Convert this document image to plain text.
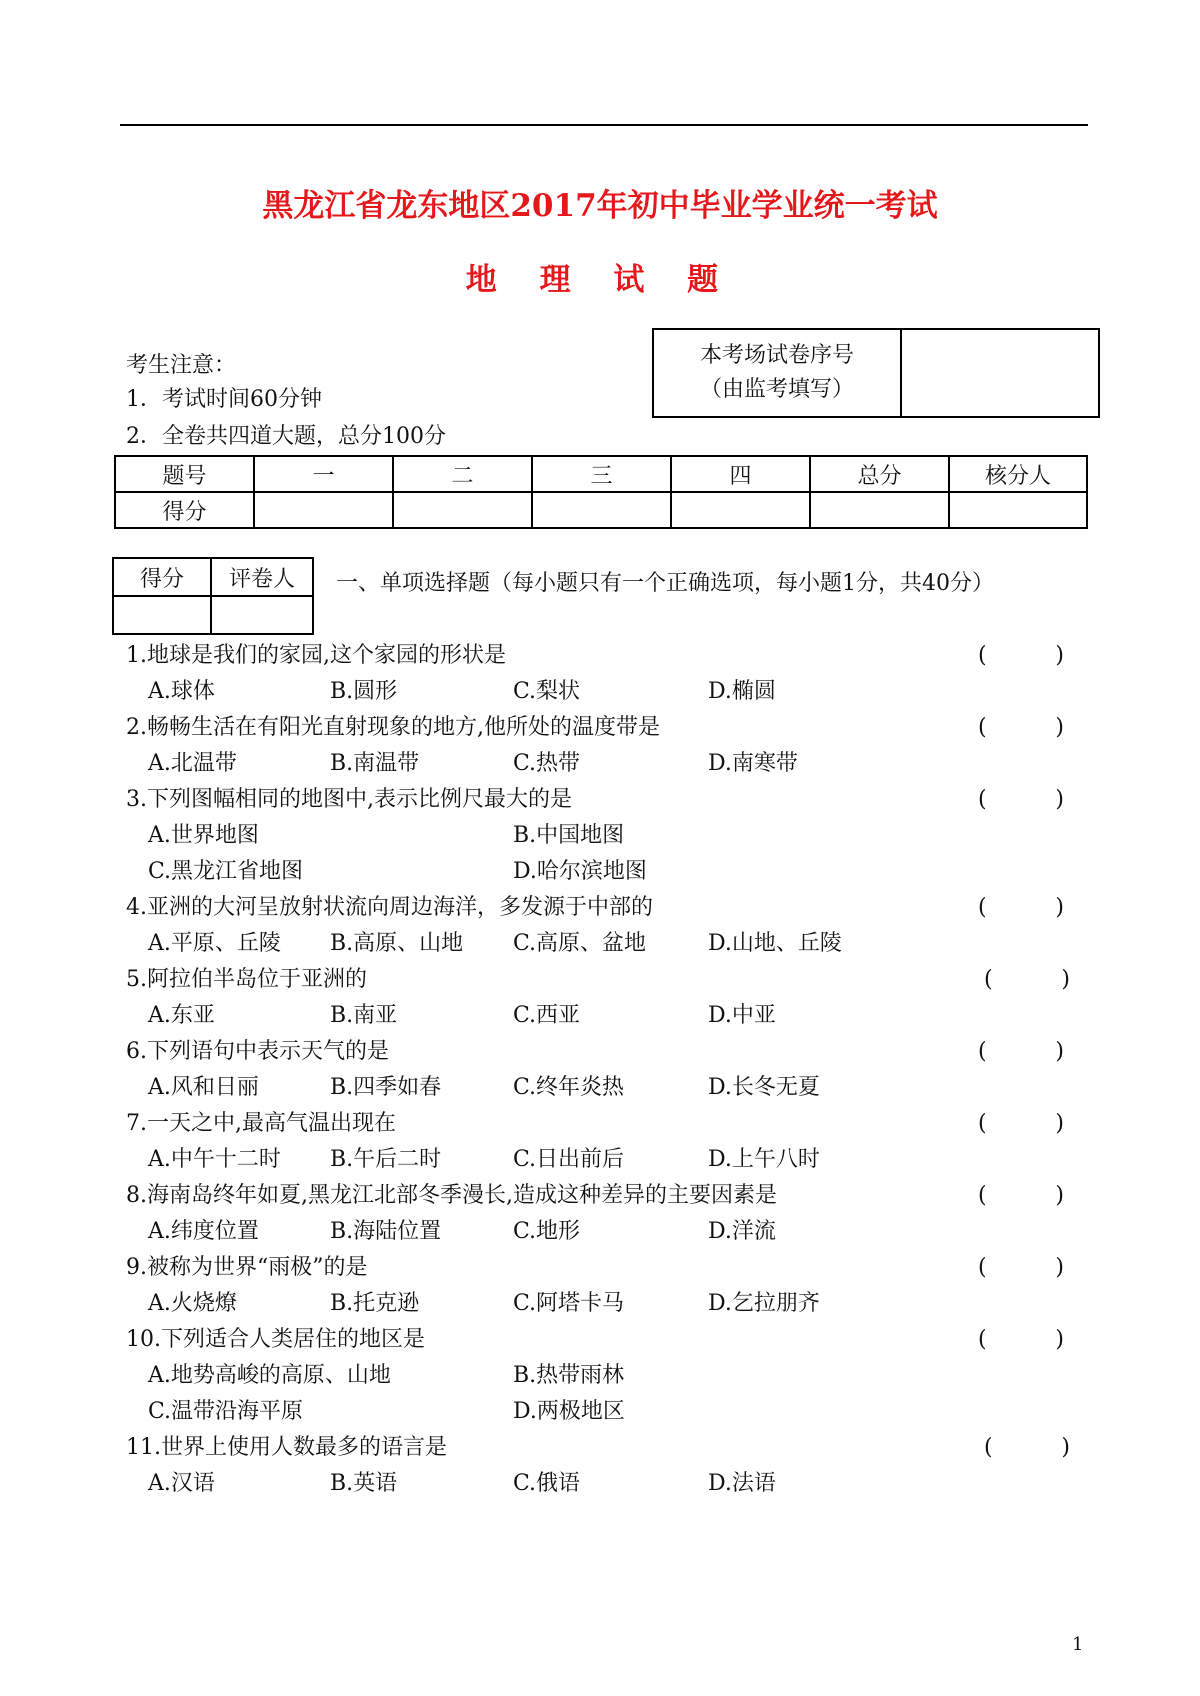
黑龙江省龙东地区2017年初中毕业学业统一考试
地 理 试 题
考生注意：
1．考试时间60分钟
2．全卷共四道大题，总分100分
本考场试卷序号
（由监考填写）

题号	一	二	三	四	总分	核分人
得分						
得分	评卷人
	一、单项选择题（每小题只有一个正确选项，每小题1分，共40分）
1.地球是我们的家园,这个家园的形状是	(	)
A.球体	B.圆形	C.梨状	D.椭圆
2.畅畅生活在有阳光直射现象的地方,他所处的温度带是	(	)
A.北温带	B.南温带	C.热带	D.南寒带
3.下列图幅相同的地图中,表示比例尺最大的是	(	)
A.世界地图	B.中国地图
C.黑龙江省地图	D.哈尔滨地图
4.亚洲的大河呈放射状流向周边海洋，多发源于中部的	(	)
A.平原、丘陵 B.高原、山地 C.高原、盆地	D.山地、丘陵
5.阿拉伯半岛位于亚洲的	(	)
A.东亚	B.南亚	C.西亚	D.中亚
6.下列语句中表示天气的是	(	)
A.风和日丽	B.四季如春	C.终年炎热	D.长冬无夏
7.一天之中,最高气温出现在	(	)
A.中午十二时 B.午后二时	C.日出前后	D.上午八时
8.海南岛终年如夏,黑龙江北部冬季漫长,造成这种差异的主要因素是	(	)
A.纬度位置	B.海陆位置	C.地形	D.洋流
9.被称为世界“雨极”的是	(	)
A.火烧燎	B.托克逊	C.阿塔卡马	D.乞拉朋齐
10.下列适合人类居住的地区是	(	)
A.地势高峻的高原、山地	B.热带雨林
C.温带沿海平原	D.两极地区
11.世界上使用人数最多的语言是	(	)
A.汉语	B.英语	C.俄语	D.法语
1
